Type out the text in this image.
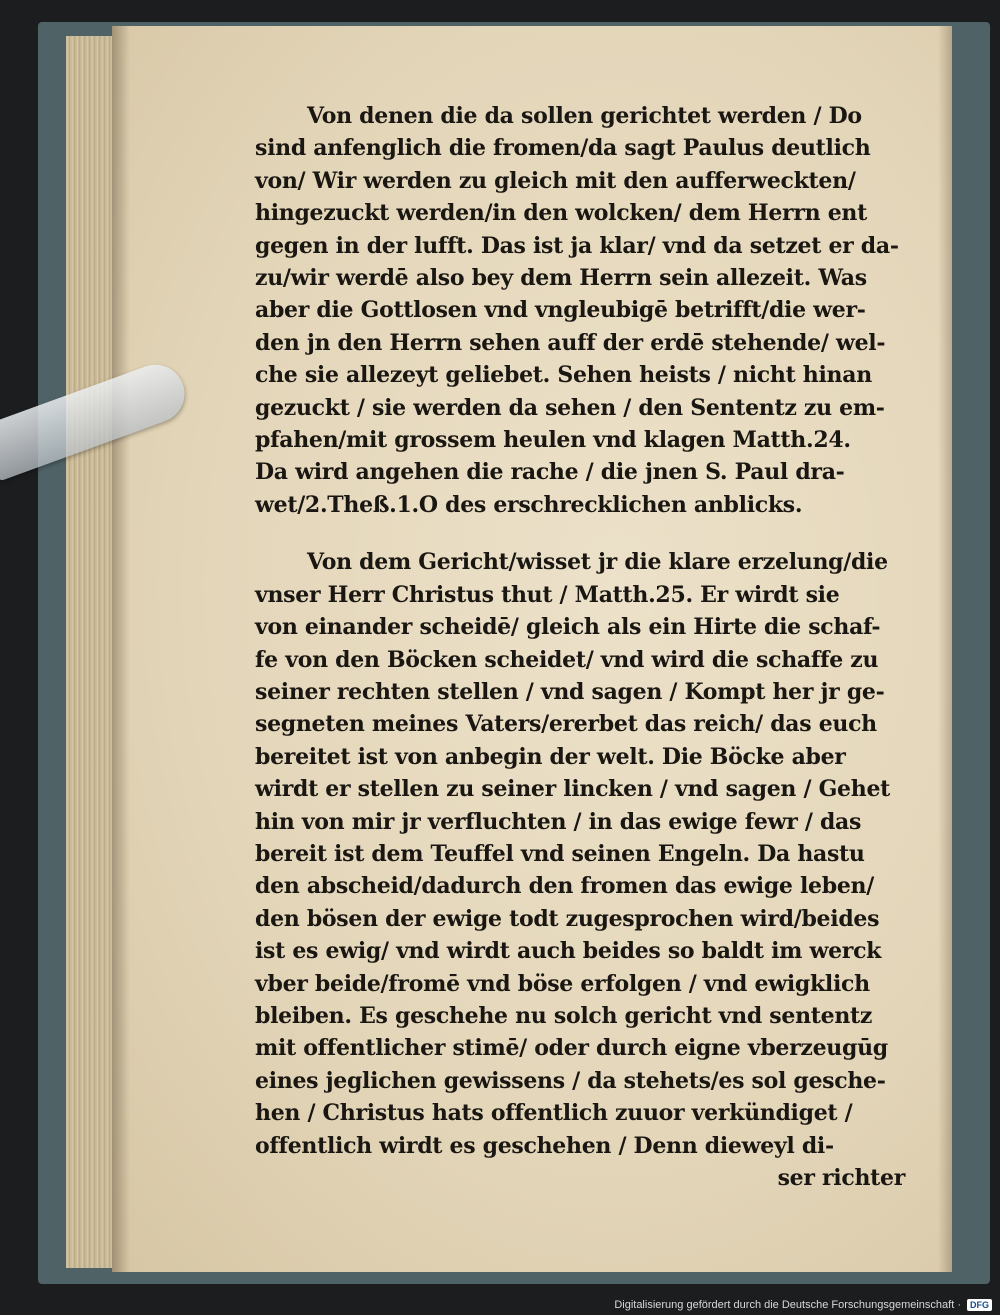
Von denen die da sollen gerichtet werden / Do
sind anfenglich die fromen/da sagt Paulus deutlich
von/ Wir werden zu gleich mit den aufferweckten/
hingezuckt werden/in den wolcken/ dem Herrn ent
gegen in der lufft. Das ist ja klar/ vnd da setzet er da-
zu/wir werdē also bey dem Herrn sein allezeit. Was
aber die Gottlosen vnd vngleubigē betrifft/die wer-
den jn den Herrn sehen auff der erdē stehende/ wel-
che sie allezeyt geliebet. Sehen heists / nicht hinan
gezuckt / sie werden da sehen / den Sententz zu em-
pfahen/mit grossem heulen vnd klagen Matth.24.
Da wird angehen die rache / die jnen S. Paul dra-
wet/2.Theß.1.O des erschrecklichen anblicks.
Von dem Gericht/wisset jr die klare erzelung/die
vnser Herr Christus thut / Matth.25. Er wirdt sie
von einander scheidē/ gleich als ein Hirte die schaf-
fe von den Böcken scheidet/ vnd wird die schaffe zu
seiner rechten stellen / vnd sagen / Kompt her jr ge-
segneten meines Vaters/ererbet das reich/ das euch
bereitet ist von anbegin der welt. Die Böcke aber
wirdt er stellen zu seiner lincken / vnd sagen / Gehet
hin von mir jr verfluchten / in das ewige fewr / das
bereit ist dem Teuffel vnd seinen Engeln. Da hastu
den abscheid/dadurch den fromen das ewige leben/
den bösen der ewige todt zugesprochen wird/beides
ist es ewig/ vnd wirdt auch beides so baldt im werck
vber beide/fromē vnd böse erfolgen / vnd ewigklich
bleiben. Es geschehe nu solch gericht vnd sententz
mit offentlicher stimē/ oder durch eigne vberzeugūg
eines jeglichen gewissens / da stehets/es sol gesche-
hen / Christus hats offentlich zuuor verkündiget /
offentlich wirdt es geschehen / Denn dieweyl di-
ser richter
Digitalisierung gefördert durch die Deutsche Forschungsgemeinschaft ·	DFG
